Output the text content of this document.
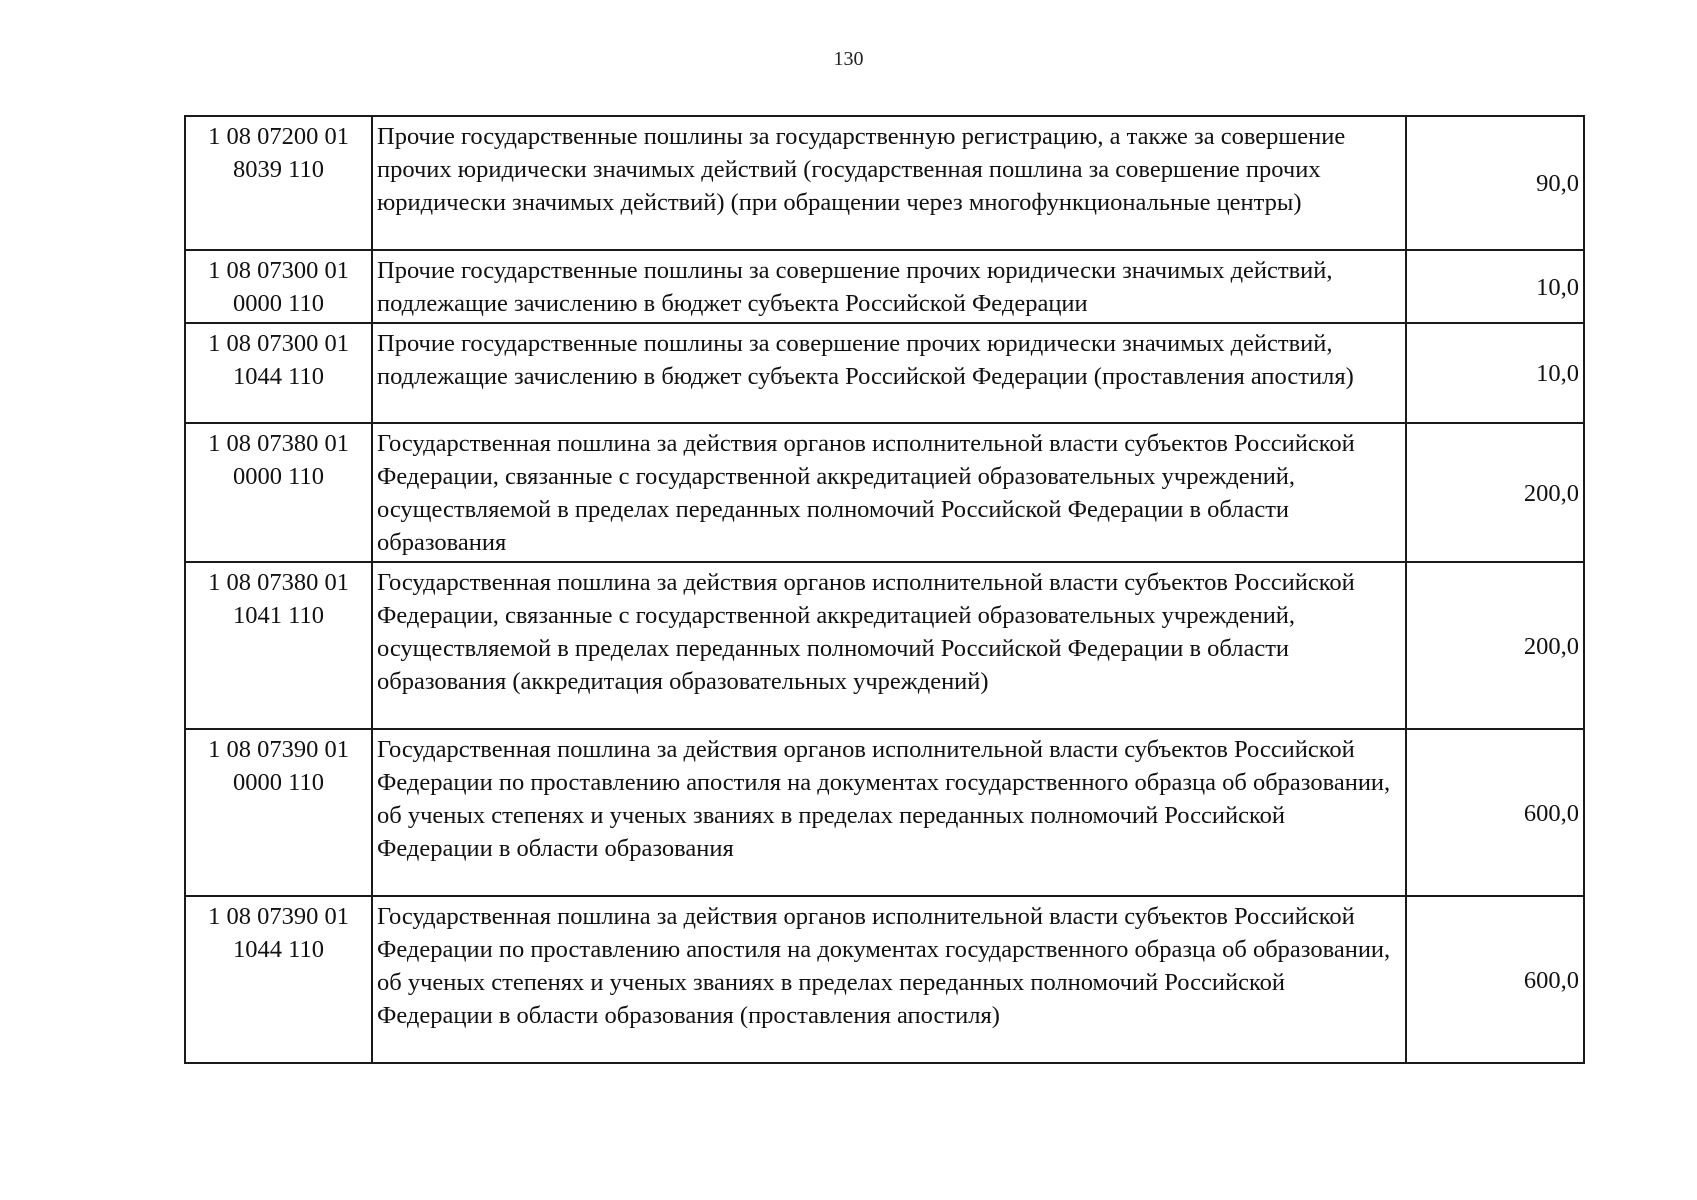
130
1 08 07200 01
8039 110	Прочие государственные пошлины за государственную регистрацию, а также за совершение прочих юридически значимых действий (государственная пошлина за совершение прочих юридически значимых действий) (при обращении через многофункциональные центры)	90,0

1 08 07300 01
0000 110	Прочие государственные пошлины за совершение прочих юридически значимых действий, подлежащие зачислению в бюджет субъекта Российской Федерации	10,0

1 08 07300 01
1044 110	Прочие государственные пошлины за совершение прочих юридически значимых действий, подлежащие зачислению в бюджет субъекта Российской Федерации (проставления апостиля)	10,0

1 08 07380 01
0000 110	Государственная пошлина за действия органов исполнительной власти субъектов Российской Федерации, связанные с государственной аккредитацией образовательных учреждений, осуществляемой в пределах переданных полномочий Российской Федерации в области образования	200,0

1 08 07380 01
1041 110	Государственная пошлина за действия органов исполнительной власти субъектов Российской Федерации, связанные с государственной аккредитацией образовательных учреждений, осуществляемой в пределах переданных полномочий Российской Федерации в области образования (аккредитация образовательных учреждений)	200,0

1 08 07390 01
0000 110	Государственная пошлина за действия органов исполнительной власти субъектов Российской Федерации по проставлению апостиля на документах государственного образца об образовании, об ученых степенях и ученых званиях в пределах переданных полномочий Российской Федерации в области образования	600,0

1 08 07390 01
1044 110	Государственная пошлина за действия органов исполнительной власти субъектов Российской Федерации по проставлению апостиля на документах государственного образца об образовании, об ученых степенях и ученых званиях в пределах переданных полномочий Российской Федерации в области образования (проставления апостиля)	600,0
